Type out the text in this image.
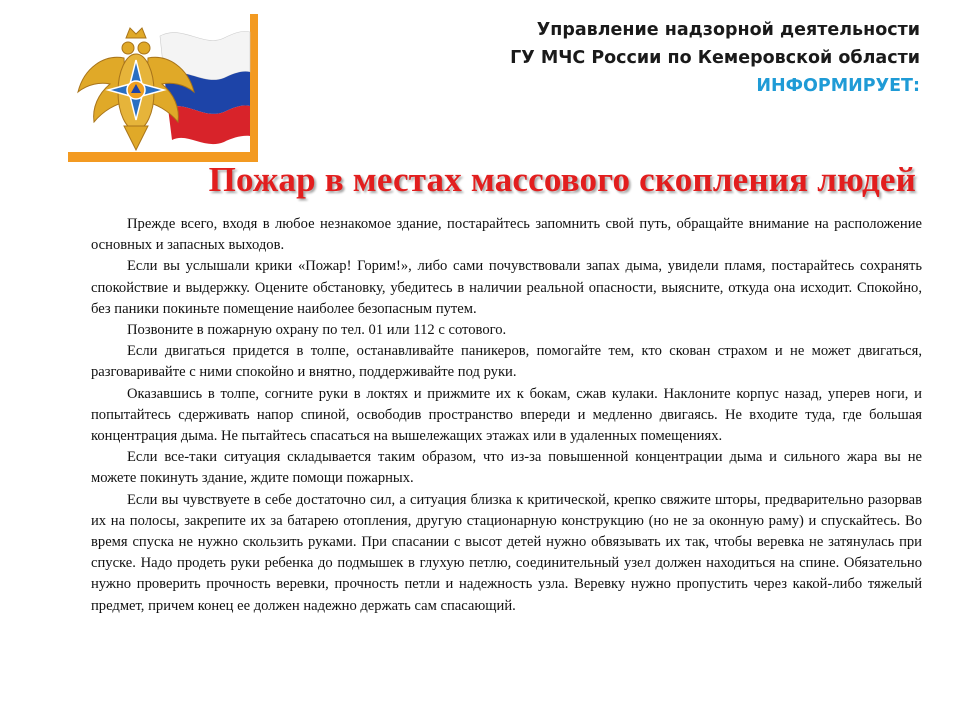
Управление надзорной деятельности
ГУ МЧС России по Кемеровской области
ИНФОРМИРУЕТ:
Пожар в местах массового скопления людей

Прежде всего, входя в любое незнакомое здание, постарайтесь запомнить свой путь, обращайте внимание на расположение основных и запасных выходов.

Если вы услышали крики «Пожар! Горим!», либо сами почувствовали запах дыма, увидели пламя, постарайтесь сохранять спокойствие и выдержку. Оцените обстановку, убедитесь в наличии реальной опасности, выясните, откуда она исходит. Спокойно, без паники покиньте помещение наиболее безопасным путем.

Позвоните в пожарную охрану по тел. 01 или 112 с сотового.

Если двигаться придется в толпе, останавливайте паникеров, помогайте тем, кто скован страхом и не может двигаться, разговаривайте с ними спокойно и внятно, поддерживайте под руки.

Оказавшись в толпе, согните руки в локтях и прижмите их к бокам, сжав кулаки. Наклоните корпус назад, уперев ноги, и попытайтесь сдерживать напор спиной, освободив пространство впереди и медленно двигаясь. Не входите туда, где большая концентрация дыма. Не пытайтесь спасаться на вышележащих этажах или в удаленных помещениях.

Если все-таки ситуация складывается таким образом, что из-за повышенной концентрации дыма и сильного жара вы не можете покинуть здание, ждите помощи пожарных.

Если вы чувствуете в себе достаточно сил, а ситуация близка к критической, крепко свяжите шторы, предварительно разорвав их на полосы, закрепите их за батарею отопления, другую стационарную конструкцию (но не за оконную раму) и спускайтесь. Во время спуска не нужно скользить руками. При спасании с высот детей нужно обвязывать их так, чтобы веревка не затянулась при спуске. Надо продеть руки ребенка до подмышек в глухую петлю, соединительный узел должен находиться на спине. Обязательно нужно проверить прочность веревки, прочность петли и надежность узла. Веревку нужно пропустить через какой-либо тяжелый предмет, причем конец ее должен надежно держать сам спасающий.
